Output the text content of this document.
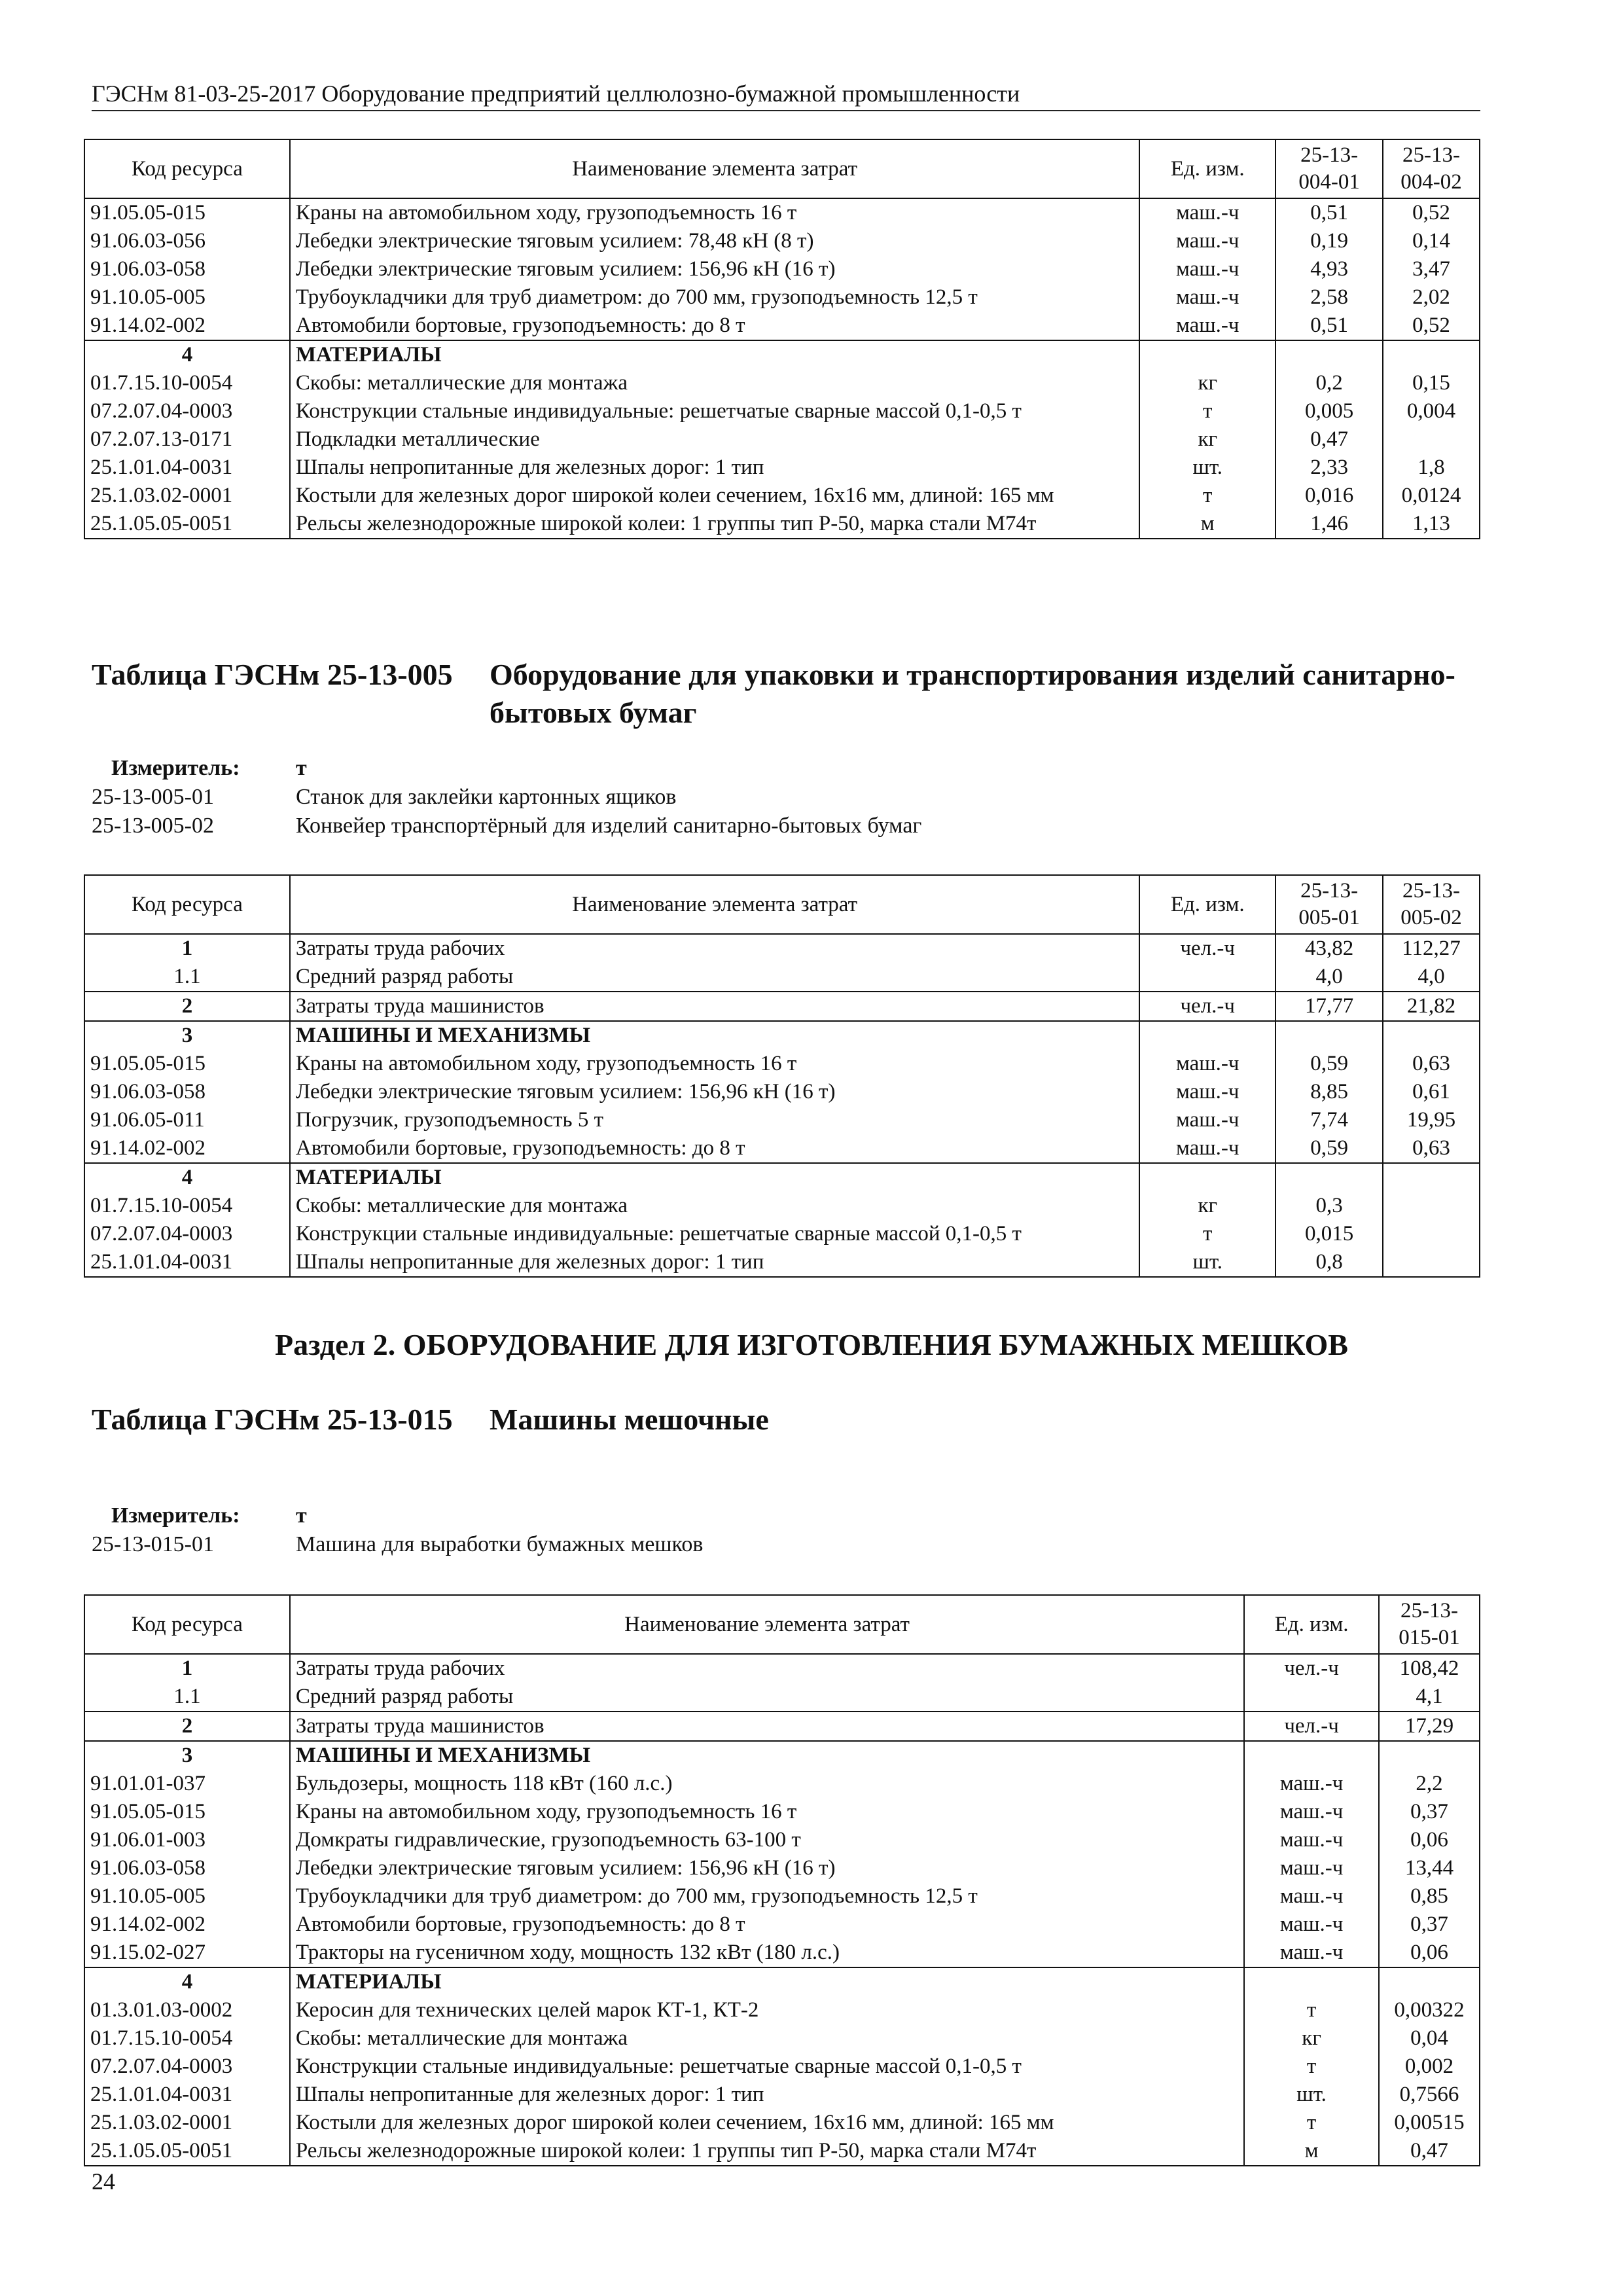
ГЭСНм 81-03-25-2017 Оборудование предприятий целлюлозно-бумажной промышленности
Код ресурса	Наименование элемента затрат	Ед. изм.	25-13-004-01	25-13-004-02
91.05.05-015	Краны на автомобильном ходу, грузоподъемность 16 т	маш.-ч	0,51	0,52
91.06.03-056	Лебедки электрические тяговым усилием: 78,48 кН (8 т)	маш.-ч	0,19	0,14
91.06.03-058	Лебедки электрические тяговым усилием: 156,96 кН (16 т)	маш.-ч	4,93	3,47
91.10.05-005	Трубоукладчики для труб диаметром: до 700 мм, грузоподъемность 12,5 т	маш.-ч	2,58	2,02
91.14.02-002	Автомобили бортовые, грузоподъемность: до 8 т	маш.-ч	0,51	0,52
4	МАТЕРИАЛЫ			
01.7.15.10-0054	Скобы: металлические для монтажа	кг	0,2	0,15
07.2.07.04-0003	Конструкции стальные индивидуальные: решетчатые сварные массой 0,1-0,5 т	т	0,005	0,004
07.2.07.13-0171	Подкладки металлические	кг	0,47	
25.1.01.04-0031	Шпалы непропитанные для железных дорог: 1 тип	шт.	2,33	1,8
25.1.03.02-0001	Костыли для железных дорог широкой колеи сечением, 16x16 мм, длиной: 165 мм	т	0,016	0,0124
25.1.05.05-0051	Рельсы железнодорожные широкой колеи: 1 группы тип Р-50, марка стали М74т	м	1,46	1,13
Таблица ГЭСНм 25-13-005	Оборудование для упаковки и транспортирования изделий санитарно-бытовых бумаг
Измеритель:	т
25-13-005-01	Станок для заклейки картонных ящиков
25-13-005-02	Конвейер транспортёрный для изделий санитарно-бытовых бумаг
Код ресурса	Наименование элемента затрат	Ед. изм.	25-13-005-01	25-13-005-02
1	Затраты труда рабочих	чел.-ч	43,82	112,27
1.1	Средний разряд работы		4,0	4,0
2	Затраты труда машинистов	чел.-ч	17,77	21,82
3	МАШИНЫ И МЕХАНИЗМЫ			
91.05.05-015	Краны на автомобильном ходу, грузоподъемность 16 т	маш.-ч	0,59	0,63
91.06.03-058	Лебедки электрические тяговым усилием: 156,96 кН (16 т)	маш.-ч	8,85	0,61
91.06.05-011	Погрузчик, грузоподъемность 5 т	маш.-ч	7,74	19,95
91.14.02-002	Автомобили бортовые, грузоподъемность: до 8 т	маш.-ч	0,59	0,63
4	МАТЕРИАЛЫ			
01.7.15.10-0054	Скобы: металлические для монтажа	кг	0,3	
07.2.07.04-0003	Конструкции стальные индивидуальные: решетчатые сварные массой 0,1-0,5 т	т	0,015	
25.1.01.04-0031	Шпалы непропитанные для железных дорог: 1 тип	шт.	0,8	
Раздел 2. ОБОРУДОВАНИЕ ДЛЯ ИЗГОТОВЛЕНИЯ БУМАЖНЫХ МЕШКОВ
Таблица ГЭСНм 25-13-015	Машины мешочные
Измеритель:	т
25-13-015-01	Машина для выработки бумажных мешков
Код ресурса	Наименование элемента затрат	Ед. изм.	25-13-015-01
1	Затраты труда рабочих	чел.-ч	108,42
1.1	Средний разряд работы		4,1
2	Затраты труда машинистов	чел.-ч	17,29
3	МАШИНЫ И МЕХАНИЗМЫ		
91.01.01-037	Бульдозеры, мощность 118 кВт (160 л.с.)	маш.-ч	2,2
91.05.05-015	Краны на автомобильном ходу, грузоподъемность 16 т	маш.-ч	0,37
91.06.01-003	Домкраты гидравлические, грузоподъемность 63-100 т	маш.-ч	0,06
91.06.03-058	Лебедки электрические тяговым усилием: 156,96 кН (16 т)	маш.-ч	13,44
91.10.05-005	Трубоукладчики для труб диаметром: до 700 мм, грузоподъемность 12,5 т	маш.-ч	0,85
91.14.02-002	Автомобили бортовые, грузоподъемность: до 8 т	маш.-ч	0,37
91.15.02-027	Тракторы на гусеничном ходу, мощность 132 кВт (180 л.с.)	маш.-ч	0,06
4	МАТЕРИАЛЫ		
01.3.01.03-0002	Керосин для технических целей марок КТ-1, КТ-2	т	0,00322
01.7.15.10-0054	Скобы: металлические для монтажа	кг	0,04
07.2.07.04-0003	Конструкции стальные индивидуальные: решетчатые сварные массой 0,1-0,5 т	т	0,002
25.1.01.04-0031	Шпалы непропитанные для железных дорог: 1 тип	шт.	0,7566
25.1.03.02-0001	Костыли для железных дорог широкой колеи сечением, 16x16 мм, длиной: 165 мм	т	0,00515
25.1.05.05-0051	Рельсы железнодорожные широкой колеи: 1 группы тип Р-50, марка стали М74т	м	0,47
24
